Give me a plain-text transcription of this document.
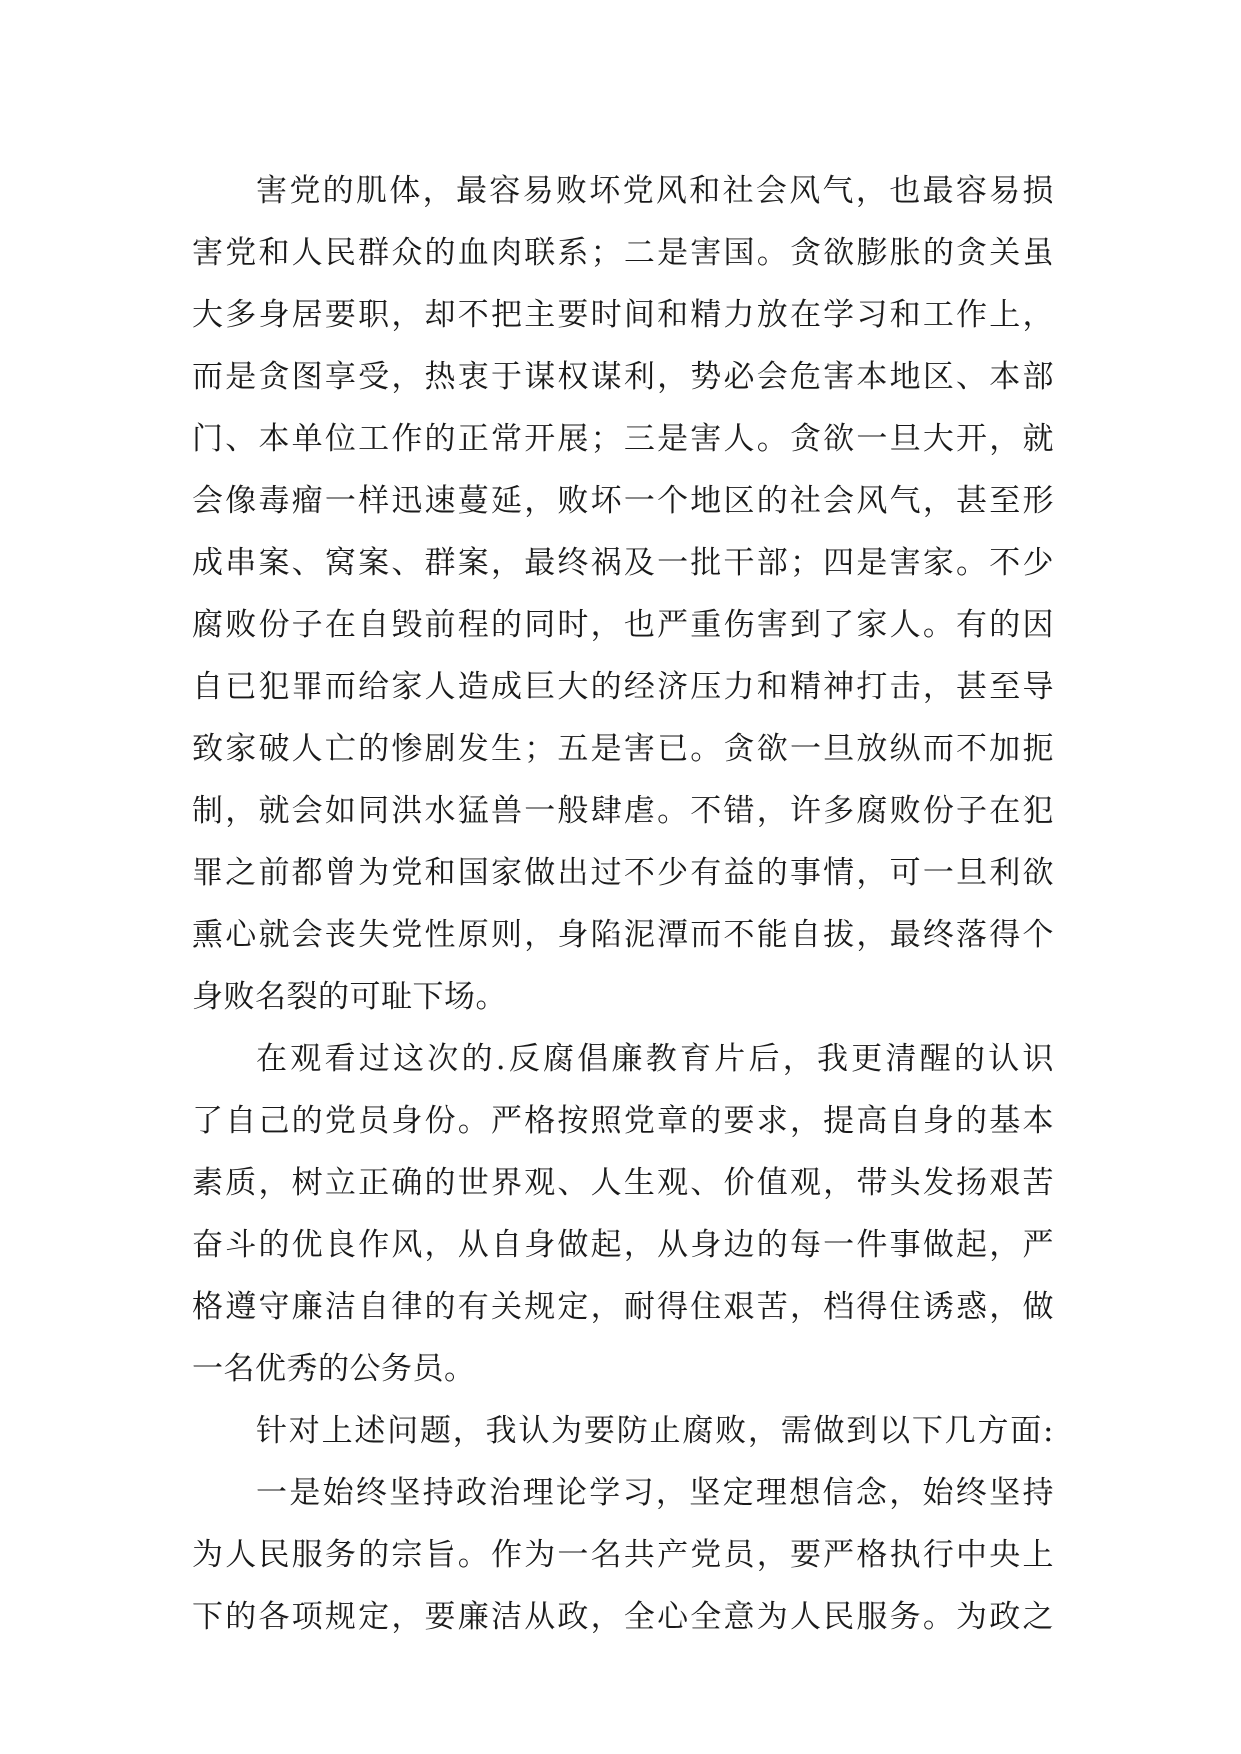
害党的肌体，最容易败坏党风和社会风气，也最容易损
害党和人民群众的血肉联系；二是害国。贪欲膨胀的贪关虽
大多身居要职，却不把主要时间和精力放在学习和工作上，
而是贪图享受，热衷于谋权谋利，势必会危害本地区、本部
门、本单位工作的正常开展；三是害人。贪欲一旦大开，就
会像毒瘤一样迅速蔓延，败坏一个地区的社会风气，甚至形
成串案、窝案、群案，最终祸及一批干部；四是害家。不少
腐败份子在自毁前程的同时，也严重伤害到了家人。有的因
自已犯罪而给家人造成巨大的经济压力和精神打击，甚至导
致家破人亡的惨剧发生；五是害已。贪欲一旦放纵而不加扼
制，就会如同洪水猛兽一般肆虐。不错，许多腐败份子在犯
罪之前都曾为党和国家做出过不少有益的事情，可一旦利欲
熏心就会丧失党性原则，身陷泥潭而不能自拔，最终落得个
身败名裂的可耻下场。
在观看过这次的.反腐倡廉教育片后，我更清醒的认识
了自己的党员身份。严格按照党章的要求，提高自身的基本
素质，树立正确的世界观、人生观、价值观，带头发扬艰苦
奋斗的优良作风，从自身做起，从身边的每一件事做起，严
格遵守廉洁自律的有关规定，耐得住艰苦，档得住诱惑，做
一名优秀的公务员。
针对上述问题，我认为要防止腐败，需做到以下几方面:
一是始终坚持政治理论学习，坚定理想信念，始终坚持
为人民服务的宗旨。作为一名共产党员，要严格执行中央上
下的各项规定，要廉洁从政，全心全意为人民服务。为政之
